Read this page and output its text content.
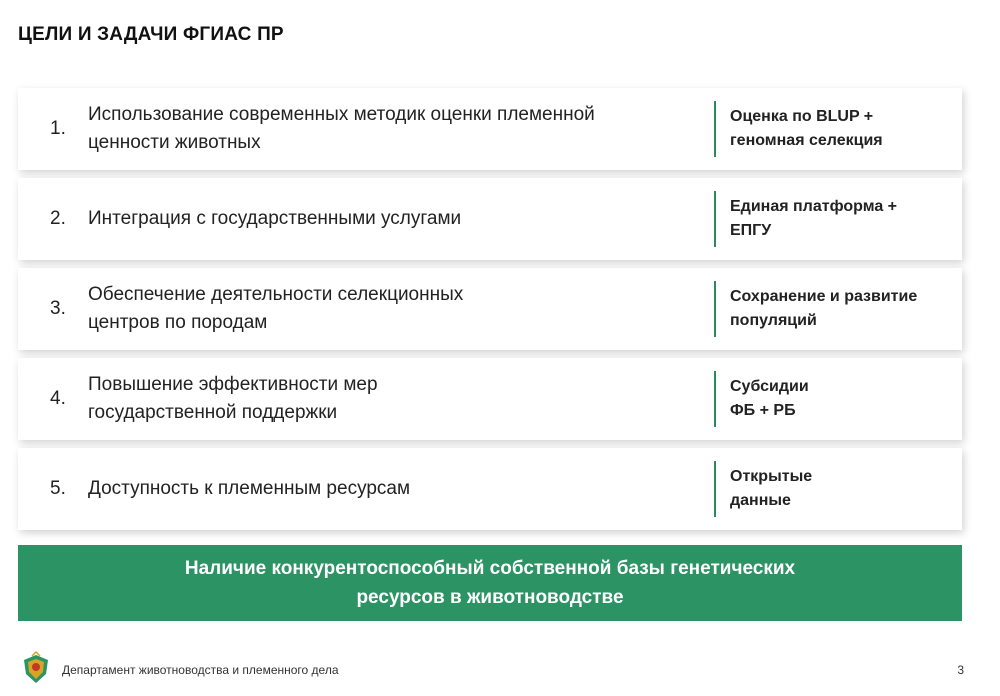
ЦЕЛИ И ЗАДАЧИ ФГИАС ПР
1.
Использование современных методик оценки племенной ценности животных
Оценка по BLUP + геномная селекция
2. Интеграция с государственными услугами
Единая платформа + ЕПГУ
3.
Обеспечение деятельности селекционных центров по породам
Сохранение и развитие популяций
4.
Повышение эффективности мер государственной поддержки
Субсидии ФБ + РБ
5. Доступность к племенным ресурсам
Открытые данные
Наличие конкурентоспособный собственной базы генетических ресурсов в животноводстве
Департамент животноводства и племенного дела	3
